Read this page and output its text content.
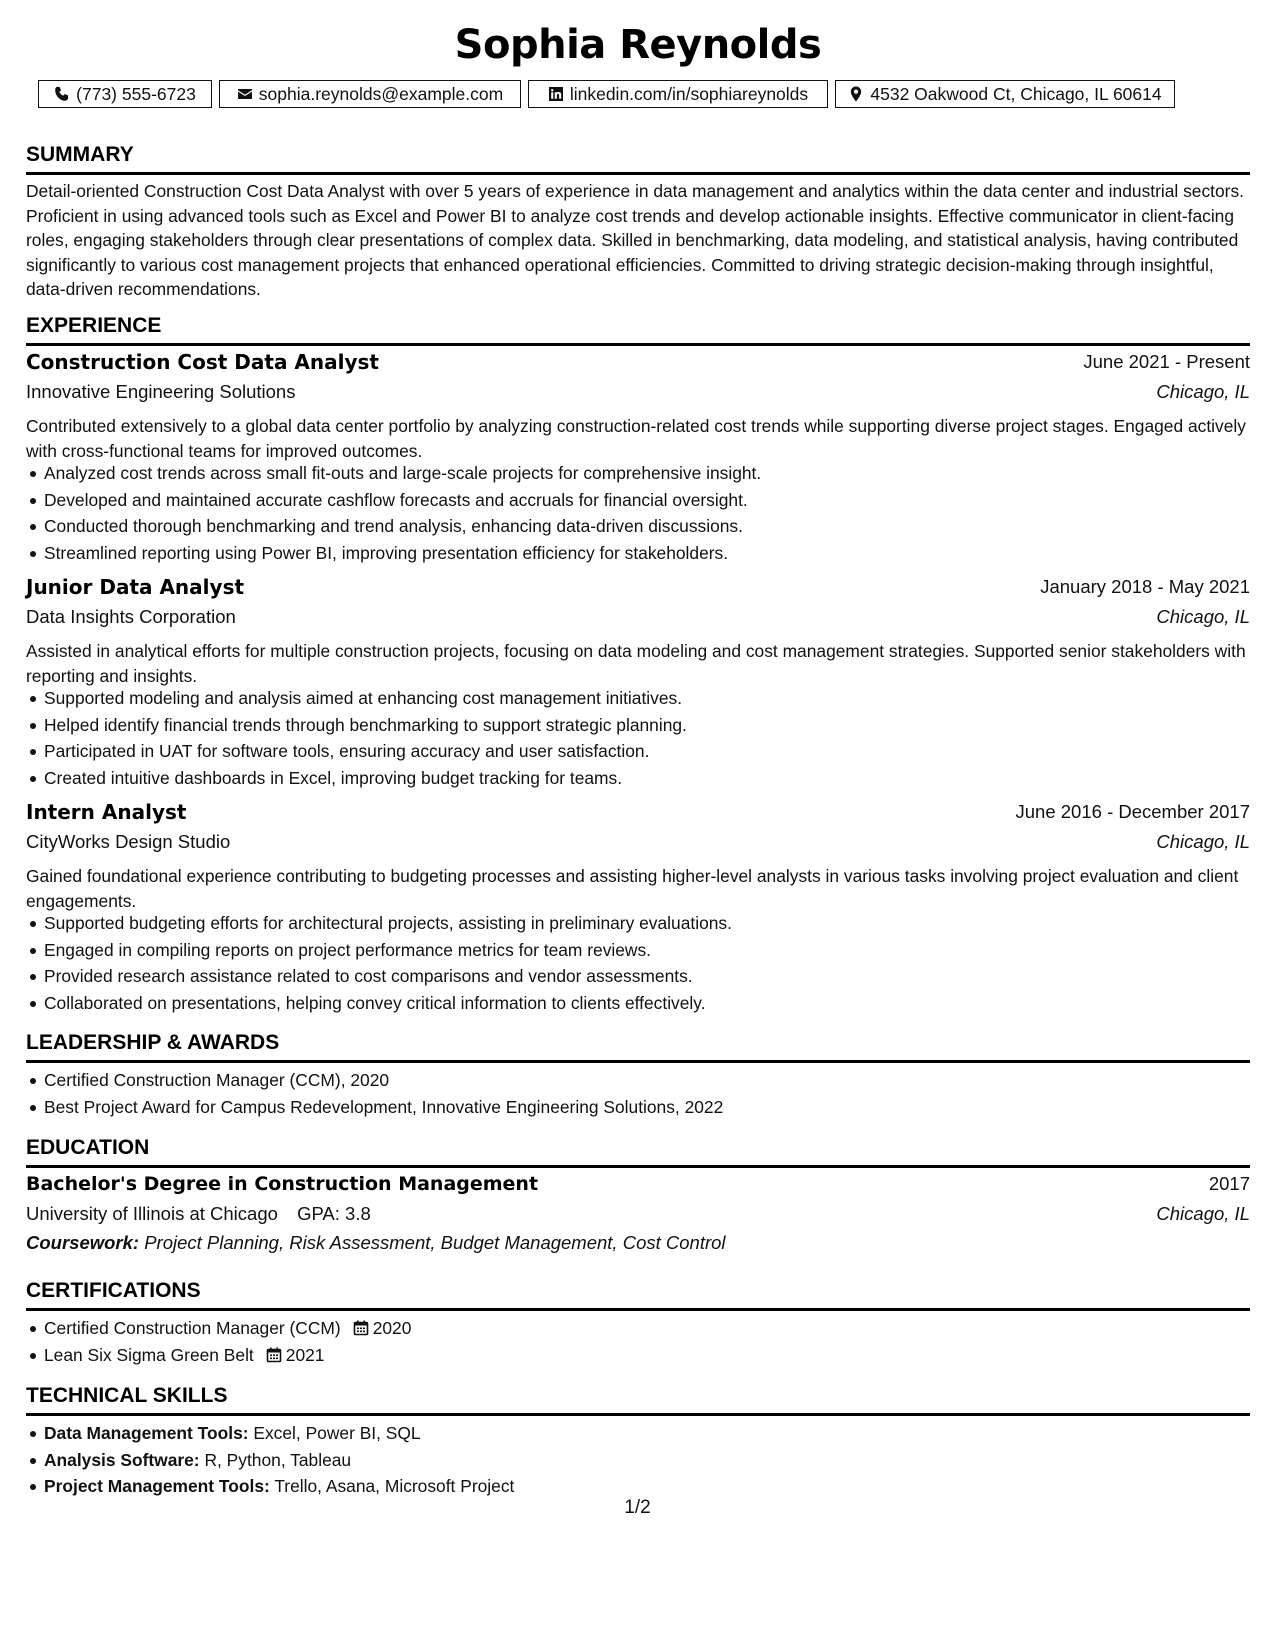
Sophia Reynolds
(773) 555-6723	sophia.reynolds@example.com	linkedin.com/in/sophiareynolds	4532 Oakwood Ct, Chicago, IL 60614
SUMMARY
Detail-oriented Construction Cost Data Analyst with over 5 years of experience in data management and analytics within the data center and industrial sectors. Proficient in using advanced tools such as Excel and Power BI to analyze cost trends and develop actionable insights. Effective communicator in client-facing roles, engaging stakeholders through clear presentations of complex data. Skilled in benchmarking, data modeling, and statistical analysis, having contributed significantly to various cost management projects that enhanced operational efficiencies. Committed to driving strategic decision-making through insightful, data-driven recommendations.
EXPERIENCE
Construction Cost Data Analyst	June 2021 - Present
Innovative Engineering Solutions	Chicago, IL
Contributed extensively to a global data center portfolio by analyzing construction-related cost trends while supporting diverse project stages. Engaged actively with cross-functional teams for improved outcomes.
Analyzed cost trends across small fit-outs and large-scale projects for comprehensive insight.
Developed and maintained accurate cashflow forecasts and accruals for financial oversight.
Conducted thorough benchmarking and trend analysis, enhancing data-driven discussions.
Streamlined reporting using Power BI, improving presentation efficiency for stakeholders.
Junior Data Analyst	January 2018 - May 2021
Data Insights Corporation	Chicago, IL
Assisted in analytical efforts for multiple construction projects, focusing on data modeling and cost management strategies. Supported senior stakeholders with reporting and insights.
Supported modeling and analysis aimed at enhancing cost management initiatives.
Helped identify financial trends through benchmarking to support strategic planning.
Participated in UAT for software tools, ensuring accuracy and user satisfaction.
Created intuitive dashboards in Excel, improving budget tracking for teams.
Intern Analyst	June 2016 - December 2017
CityWorks Design Studio	Chicago, IL
Gained foundational experience contributing to budgeting processes and assisting higher-level analysts in various tasks involving project evaluation and client engagements.
Supported budgeting efforts for architectural projects, assisting in preliminary evaluations.
Engaged in compiling reports on project performance metrics for team reviews.
Provided research assistance related to cost comparisons and vendor assessments.
Collaborated on presentations, helping convey critical information to clients effectively.
LEADERSHIP & AWARDS
Certified Construction Manager (CCM), 2020
Best Project Award for Campus Redevelopment, Innovative Engineering Solutions, 2022
EDUCATION
Bachelor's Degree in Construction Management	2017
University of Illinois at Chicago GPA: 3.8	Chicago, IL
Coursework: Project Planning, Risk Assessment, Budget Management, Cost Control
CERTIFICATIONS
Certified Construction Manager (CCM) 2020
Lean Six Sigma Green Belt 2021
TECHNICAL SKILLS
Data Management Tools: Excel, Power BI, SQL
Analysis Software: R, Python, Tableau
Project Management Tools: Trello, Asana, Microsoft Project
1/2
